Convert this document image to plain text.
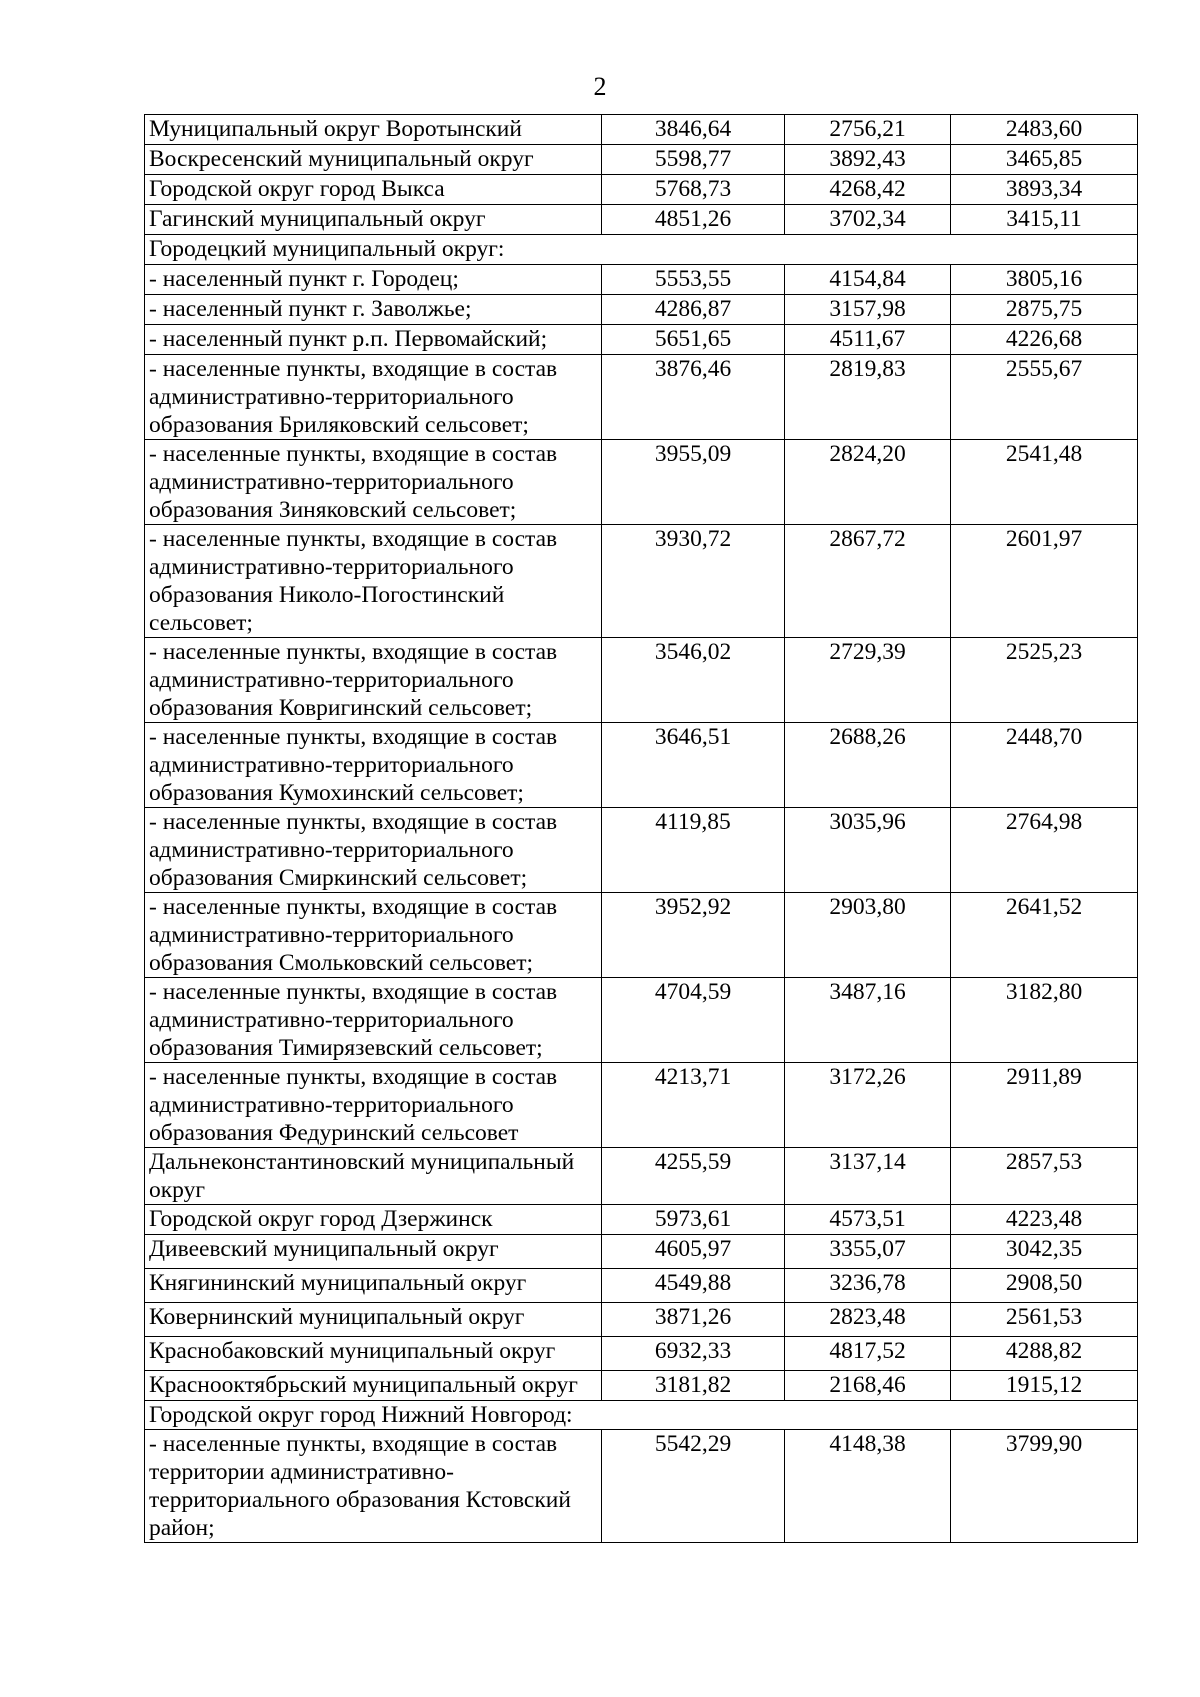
2
Муниципальный округ Воротынский	3846,64	2756,21	2483,60
Воскресенский муниципальный округ	5598,77	3892,43	3465,85
Городской округ город Выкса	5768,73	4268,42	3893,34
Гагинский муниципальный округ	4851,26	3702,34	3415,11
Городецкий муниципальный округ:			
- населенный пункт г. Городец;	5553,55	4154,84	3805,16
- населенный пункт г. Заволжье;	4286,87	3157,98	2875,75
- населенный пункт р.п. Первомайский;	5651,65	4511,67	4226,68
- населенные пункты, входящие в состав административно-территориального образования Бриляковский сельсовет;	3876,46	2819,83	2555,67
- населенные пункты, входящие в состав административно-территориального образования Зиняковский сельсовет;	3955,09	2824,20	2541,48
- населенные пункты, входящие в состав административно-территориального образования Николо-Погостинский сельсовет;	3930,72	2867,72	2601,97
- населенные пункты, входящие в состав административно-территориального образования Ковригинский сельсовет;	3546,02	2729,39	2525,23
- населенные пункты, входящие в состав административно-территориального образования Кумохинский сельсовет;	3646,51	2688,26	2448,70
- населенные пункты, входящие в состав административно-территориального образования Смиркинский сельсовет;	4119,85	3035,96	2764,98
- населенные пункты, входящие в состав административно-территориального образования Смольковский сельсовет;	3952,92	2903,80	2641,52
- населенные пункты, входящие в состав административно-территориального образования Тимирязевский сельсовет;	4704,59	3487,16	3182,80
- населенные пункты, входящие в состав административно-территориального образования Федуринский сельсовет	4213,71	3172,26	2911,89
Дальнеконстантиновский муниципальный округ	4255,59	3137,14	2857,53
Городской округ город Дзержинск	5973,61	4573,51	4223,48
Дивеевский муниципальный округ	4605,97	3355,07	3042,35
Княгининский муниципальный округ	4549,88	3236,78	2908,50
Ковернинский муниципальный округ	3871,26	2823,48	2561,53
Краснобаковский муниципальный округ	6932,33	4817,52	4288,82
Краснооктябрьский муниципальный округ	3181,82	2168,46	1915,12
Городской округ город Нижний Новгород:			
- населенные пункты, входящие в состав территории административно-территориального образования Кстовский район;	5542,29	4148,38	3799,90
